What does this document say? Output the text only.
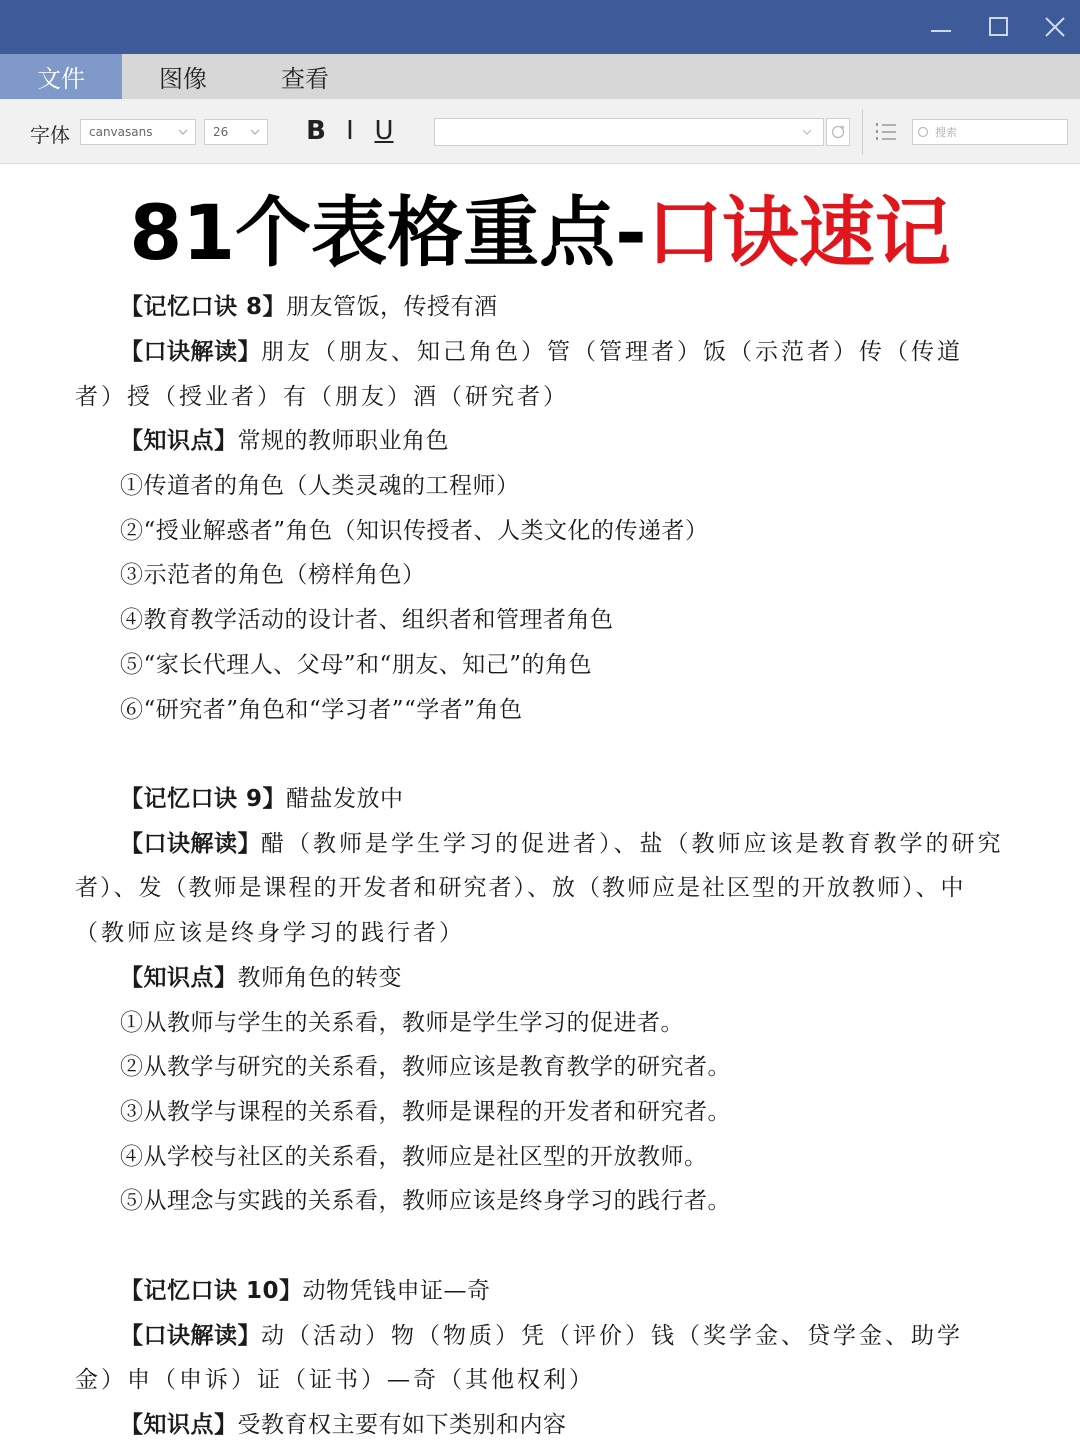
文件	图像	查看
字体 canvasans	26	B I U	搜索
81个表格重点-口诀速记
【记忆口诀 8】朋友管饭，传授有酒
【口诀解读】朋友（朋友、知己角色）管（管理者）饭（示范者）传（传道
者）授（授业者）有（朋友）酒（研究者）
【知识点】常规的教师职业角色
①传道者的角色（人类灵魂的工程师）
②“授业解惑者”角色（知识传授者、人类文化的传递者）
③示范者的角色（榜样角色）
④教育教学活动的设计者、组织者和管理者角色
⑤“家长代理人、父母”和“朋友、知己”的角色
⑥“研究者”角色和“学习者”“学者”角色
【记忆口诀 9】醋盐发放中
【口诀解读】醋（教师是学生学习的促进者）、盐（教师应该是教育教学的研究
者）、发（教师是课程的开发者和研究者）、放（教师应是社区型的开放教师）、中
（教师应该是终身学习的践行者）
【知识点】教师角色的转变
①从教师与学生的关系看，教师是学生学习的促进者。
②从教学与研究的关系看，教师应该是教育教学的研究者。
③从教学与课程的关系看，教师是课程的开发者和研究者。
④从学校与社区的关系看，教师应是社区型的开放教师。
⑤从理念与实践的关系看，教师应该是终身学习的践行者。
【记忆口诀 10】动物凭钱申证—奇
【口诀解读】动（活动）物（物质）凭（评价）钱（奖学金、贷学金、助学
金）申（申诉）证（证书）—奇（其他权利）
【知识点】受教育权主要有如下类别和内容
